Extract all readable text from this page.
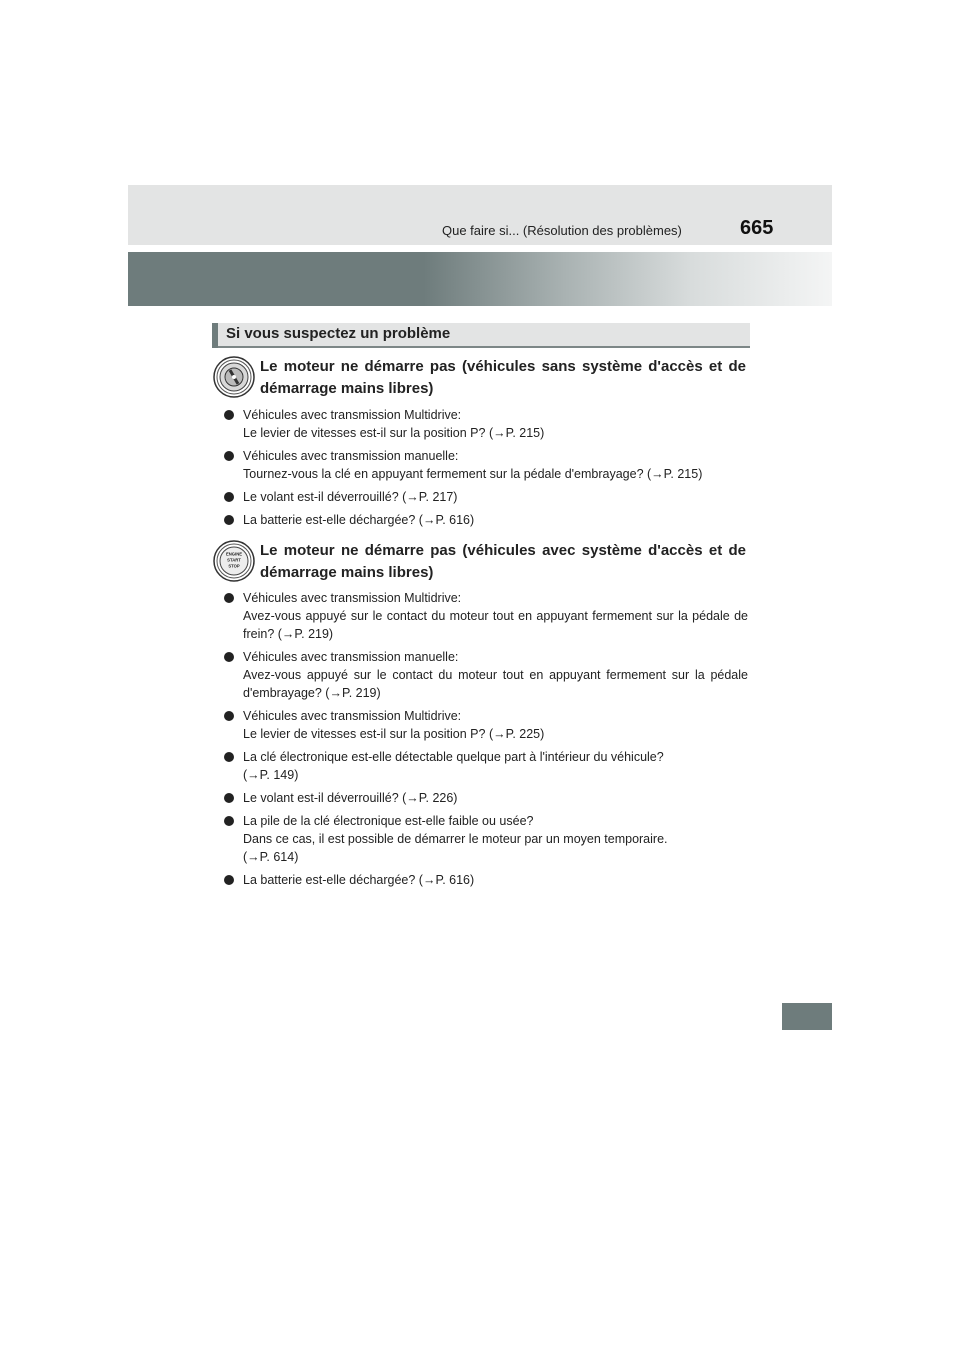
Que faire si... (Résolution des problèmes)	665
Si vous suspectez un problème
Le moteur ne démarre pas (véhicules sans système d'accès et de démarrage mains libres)
Véhicules avec transmission Multidrive:
Le levier de vitesses est-il sur la position P? (→P. 215)
Véhicules avec transmission manuelle:
Tournez-vous la clé en appuyant fermement sur la pédale d'embrayage? (→P. 215)
Le volant est-il déverrouillé? (→P. 217)
La batterie est-elle déchargée? (→P. 616)
ENGINE
START
STOP
Le moteur ne démarre pas (véhicules avec système d'accès et de démarrage mains libres)
Véhicules avec transmission Multidrive:
Avez-vous appuyé sur le contact du moteur tout en appuyant fermement sur la pédale de frein? (→P. 219)
Véhicules avec transmission manuelle:
Avez-vous appuyé sur le contact du moteur tout en appuyant fermement sur la pédale d'embrayage? (→P. 219)
Véhicules avec transmission Multidrive:
Le levier de vitesses est-il sur la position P? (→P. 225)
La clé électronique est-elle détectable quelque part à l'intérieur du véhicule?
(→P. 149)
Le volant est-il déverrouillé? (→P. 226)
La pile de la clé électronique est-elle faible ou usée?
Dans ce cas, il est possible de démarrer le moteur par un moyen temporaire.
(→P. 614)
La batterie est-elle déchargée? (→P. 616)
